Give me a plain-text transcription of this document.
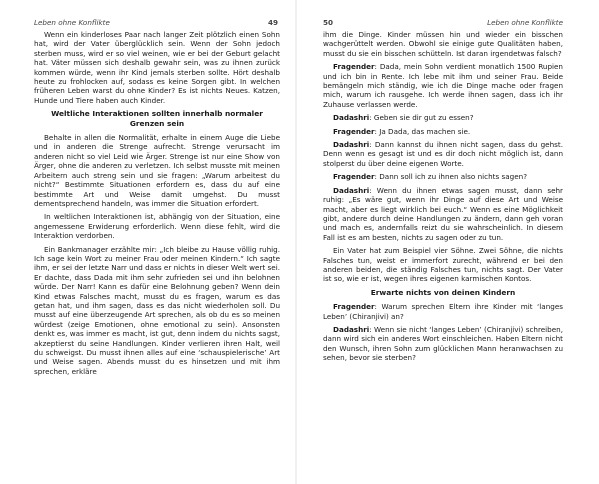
Leben ohne Konflikte	49

Wenn ein kinderloses Paar nach langer Zeit plötzlich einen Sohn hat, wird der Vater überglücklich sein. Wenn der Sohn jedoch sterben muss, wird er so viel weinen, wie er bei der Geburt gelacht hat. Väter müssen sich deshalb gewahr sein, was zu ihnen zurück kommen würde, wenn ihr Kind jemals sterben sollte. Hört deshalb heute zu frohlocken auf, sodass es keine Sorgen gibt. In welchen früheren Leben warst du ohne Kinder? Es ist nichts Neues. Katzen, Hunde und Tiere haben auch Kinder.

Weltliche Interaktionen sollten innerhalb normaler Grenzen sein

Behalte in allen die Normalität, erhalte in einem Auge die Liebe und in anderen die Strenge aufrecht. Strenge verursacht im anderen nicht so viel Leid wie Ärger. Strenge ist nur eine Show von Ärger, ohne die anderen zu verletzen. Ich selbst musste mit meinen Arbeitern auch streng sein und sie fragen: „Warum arbeitest du nicht?“ Bestimmte Situationen erfordern es, dass du auf eine bestimmte Art und Weise damit umgehst. Du musst dementsprechend handeln, was immer die Situation erfordert.

In weltlichen Interaktionen ist, abhängig von der Situation, eine angemessene Erwiderung erforderlich. Wenn diese fehlt, wird die Interaktion verdorben.

Ein Bankmanager erzählte mir: „Ich bleibe zu Hause völlig ruhig. Ich sage kein Wort zu meiner Frau oder meinen Kindern.“ Ich sagte ihm, er sei der letzte Narr und dass er nichts in dieser Welt wert sei. Er dachte, dass Dada mit ihm sehr zufrieden sei und ihn belohnen würde. Der Narr! Kann es dafür eine Belohnung geben? Wenn dein Kind etwas Falsches macht, musst du es fragen, warum es das getan hat, und ihm sagen, dass es das nicht wiederholen soll. Du musst auf eine überzeugende Art sprechen, als ob du es so meinen würdest (zeige Emotionen, ohne emotional zu sein). Ansonsten denkt es, was immer es macht, ist gut, denn indem du nichts sagst, akzeptierst du seine Handlungen. Kinder verlieren ihren Halt, weil du schweigst. Du musst ihnen alles auf eine ‘schauspielerische’ Art und Weise sagen. Abends musst du es hinsetzen und mit ihm sprechen, erkläre

50	Leben ohne Konflikte

ihm die Dinge. Kinder müssen hin und wieder ein bisschen wachgerüttelt werden. Obwohl sie einige gute Qualitäten haben, musst du sie ein bisschen schütteln. Ist daran irgendetwas falsch?

Fragender: Dada, mein Sohn verdient monatlich 1500 Rupien und ich bin in Rente. Ich lebe mit ihm und seiner Frau. Beide bemängeln mich ständig, wie ich die Dinge mache oder fragen mich, warum ich rausgehe. Ich werde ihnen sagen, dass ich ihr Zuhause verlassen werde.

Dadashri: Geben sie dir gut zu essen?

Fragender: Ja Dada, das machen sie.

Dadashri: Dann kannst du ihnen nicht sagen, dass du gehst. Denn wenn es gesagt ist und es dir doch nicht möglich ist, dann stolperst du über deine eigenen Worte.

Fragender: Dann soll ich zu ihnen also nichts sagen?

Dadashri: Wenn du ihnen etwas sagen musst, dann sehr ruhig: „Es wäre gut, wenn ihr Dinge auf diese Art und Weise macht, aber es liegt wirklich bei euch.“ Wenn es eine Möglichkeit gibt, andere durch deine Handlungen zu ändern, dann geh voran und mach es, andernfalls reizt du sie wahrscheinlich. In diesem Fall ist es am besten, nichts zu sagen oder zu tun.

Ein Vater hat zum Beispiel vier Söhne. Zwei Söhne, die nichts Falsches tun, weist er immerfort zurecht, während er bei den anderen beiden, die ständig Falsches tun, nichts sagt. Der Vater ist so, wie er ist, wegen ihres eigenen karmischen Kontos.

Erwarte nichts von deinen Kindern

Fragender: Warum sprechen Eltern ihre Kinder mit ‘langes Leben’ (Chiranjivi) an?

Dadashri: Wenn sie nicht ‘langes Leben’ (Chiranjivi) schreiben, dann wird sich ein anderes Wort einschleichen. Haben Eltern nicht den Wunsch, ihren Sohn zum glücklichen Mann heranwachsen zu sehen, bevor sie sterben?
